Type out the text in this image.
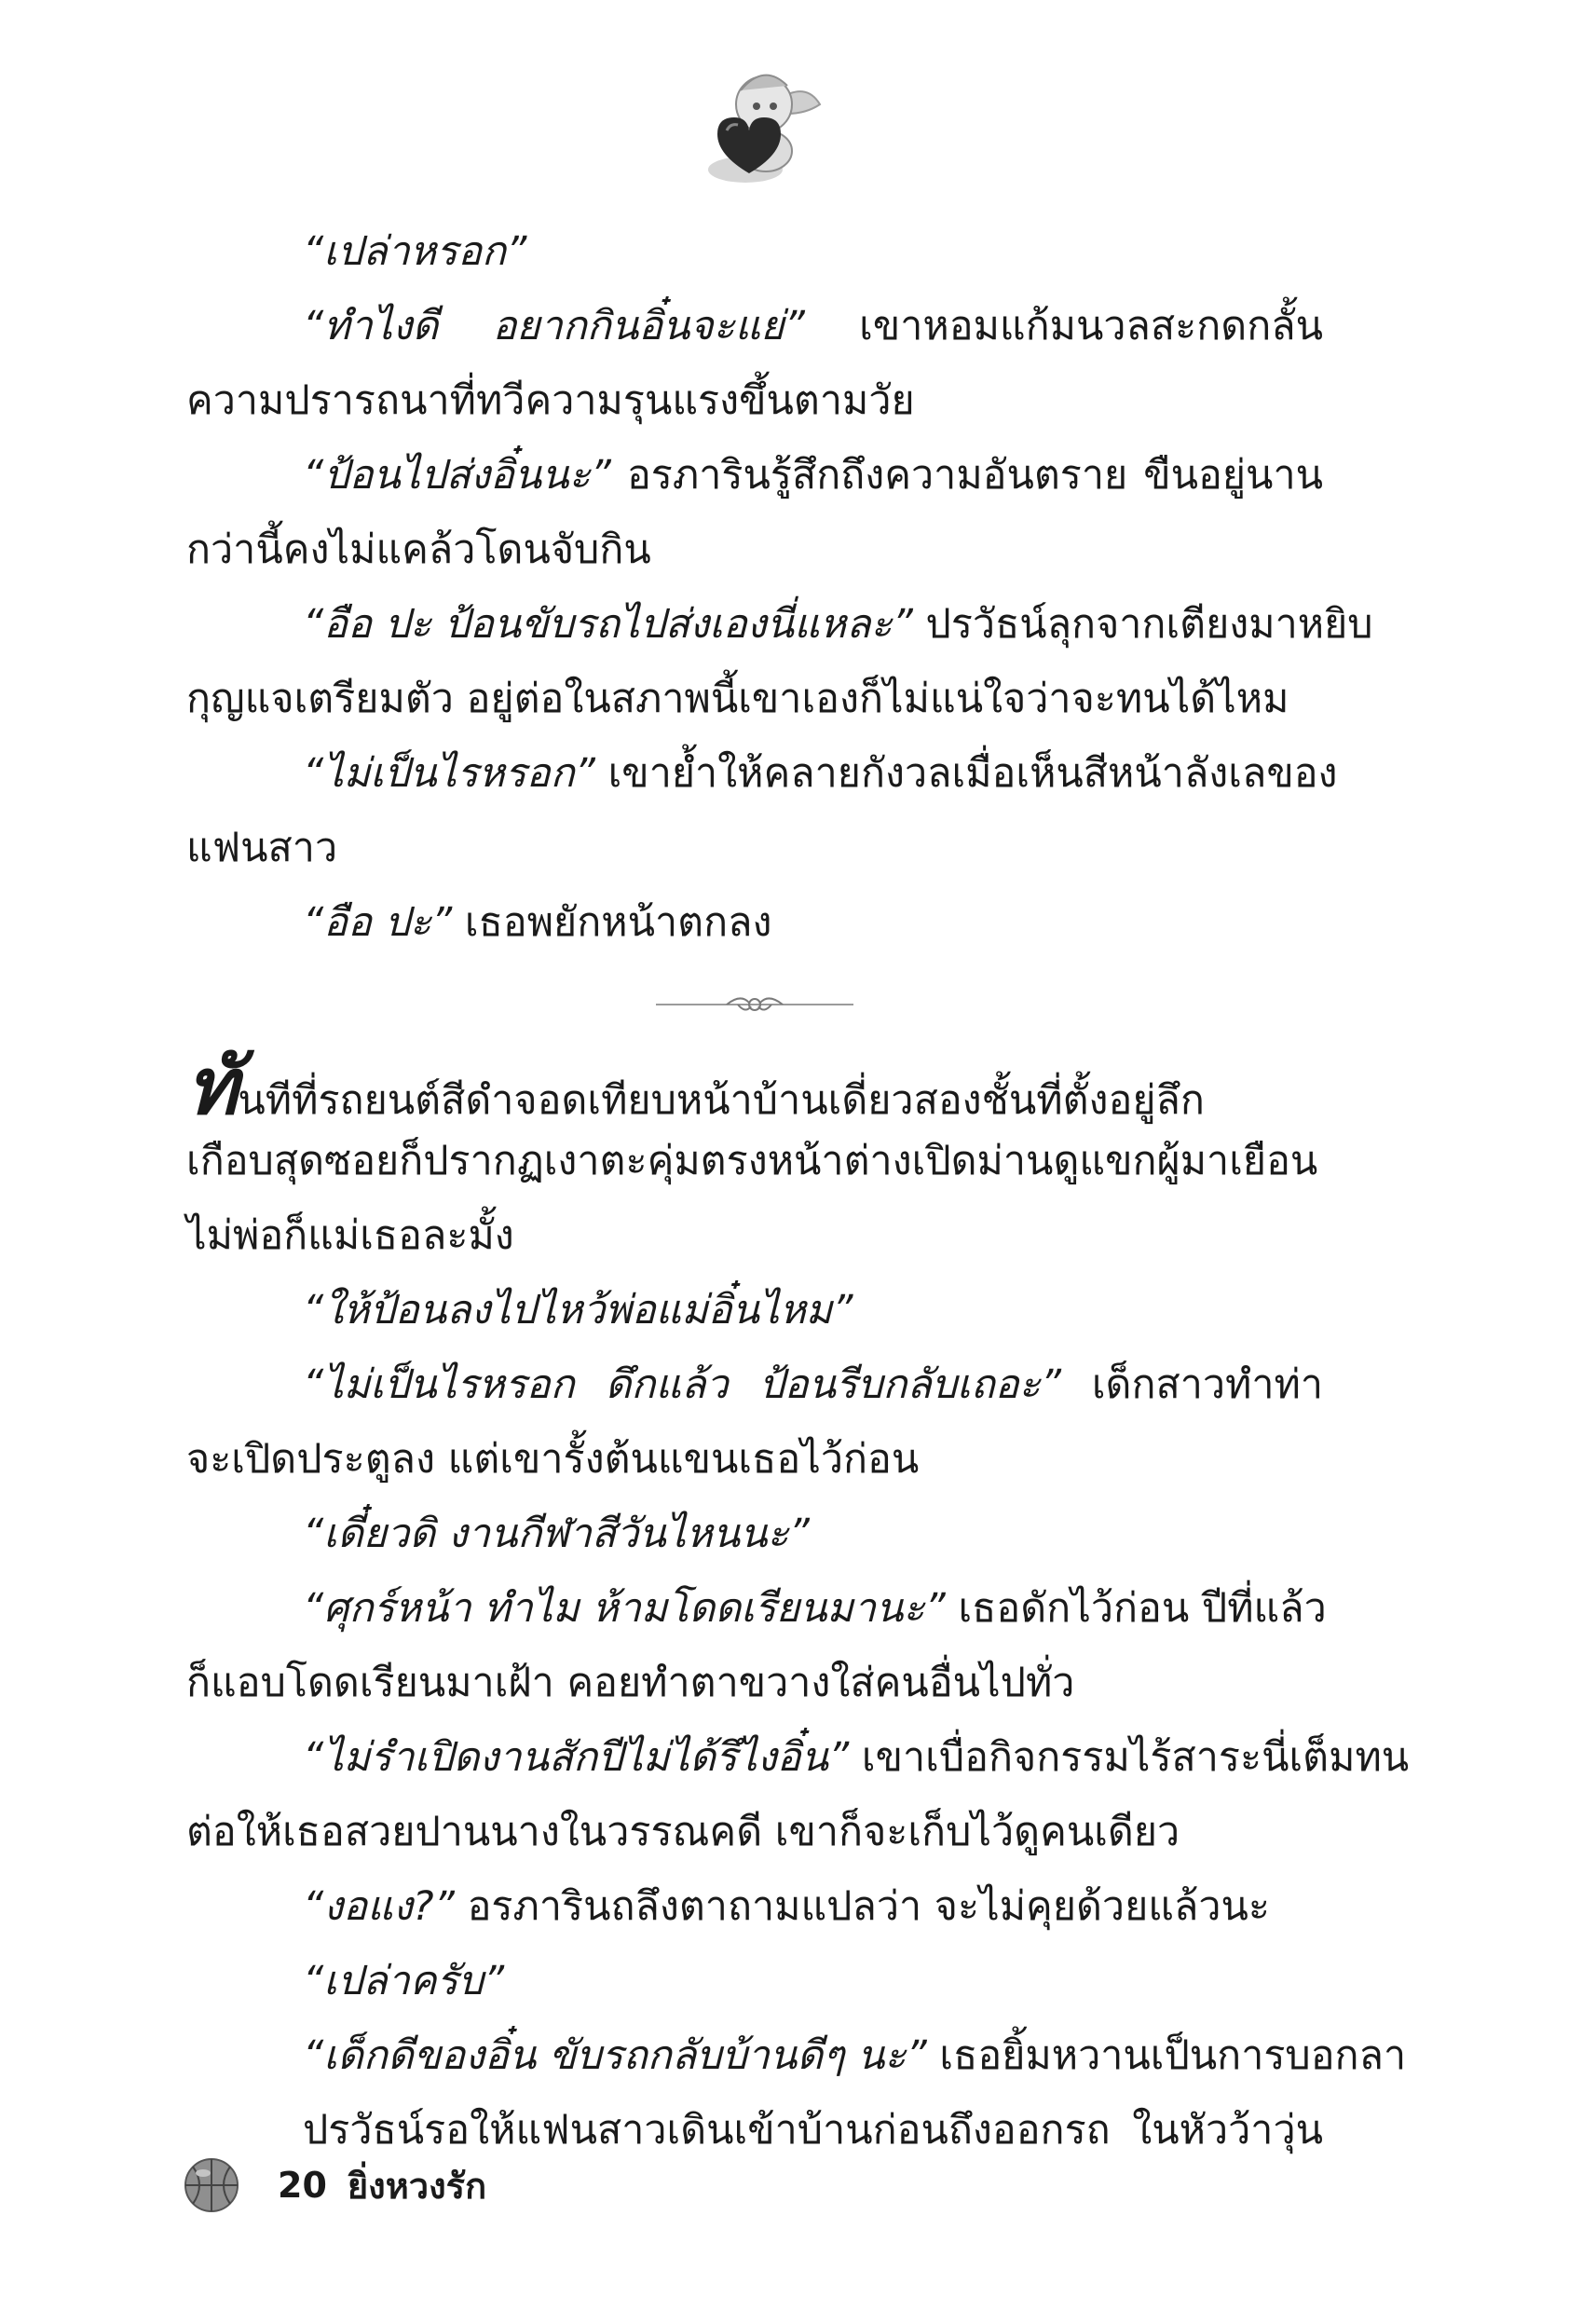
“เปล่าหรอก”
“ทำไงดี อยากกินอิ๋นจะแย่” เขาหอมแก้มนวลสะกดกลั้น
ความปรารถนาที่ทวีความรุนแรงขึ้นตามวัย
“ป้อนไปส่งอิ๋นนะ” อรภารินรู้สึกถึงความอันตราย ขืนอยู่นาน
กว่านี้คงไม่แคล้วโดนจับกิน
“อือ ปะ ป้อนขับรถไปส่งเองนี่แหละ” ปรวัธน์ลุกจากเตียงมาหยิบ
กุญแจเตรียมตัว อยู่ต่อในสภาพนี้เขาเองก็ไม่แน่ใจว่าจะทนได้ไหม
“ไม่เป็นไรหรอก” เขาย้ำให้คลายกังวลเมื่อเห็นสีหน้าลังเลของ
แฟนสาว
“อือ ปะ” เธอพยักหน้าตกลง
ทันทีที่รถยนต์สีดำจอดเทียบหน้าบ้านเดี่ยวสองชั้นที่ตั้งอยู่ลึก
เกือบสุดซอยก็ปรากฏเงาตะคุ่มตรงหน้าต่างเปิดม่านดูแขกผู้มาเยือน
ไม่พ่อก็แม่เธอละมั้ง
“ให้ป้อนลงไปไหว้พ่อแม่อิ๋นไหม”
“ไม่เป็นไรหรอก ดึกแล้ว ป้อนรีบกลับเถอะ” เด็กสาวทำท่า
จะเปิดประตูลง แต่เขารั้งต้นแขนเธอไว้ก่อน
“เดี๋ยวดิ งานกีฬาสีวันไหนนะ”
“ศุกร์หน้า ทำไม ห้ามโดดเรียนมานะ” เธอดักไว้ก่อน ปีที่แล้ว
ก็แอบโดดเรียนมาเฝ้า คอยทำตาขวางใส่คนอื่นไปทั่ว
“ไม่รำเปิดงานสักปีไม่ได้รึไงอิ๋น” เขาเบื่อกิจกรรมไร้สาระนี่เต็มทน
ต่อให้เธอสวยปานนางในวรรณคดี เขาก็จะเก็บไว้ดูคนเดียว
“งอแง?” อรภารินถลึงตาถามแปลว่า จะไม่คุยด้วยแล้วนะ
“เปล่าครับ”
“เด็กดีของอิ๋น ขับรถกลับบ้านดีๆ นะ” เธอยิ้มหวานเป็นการบอกลา
ปรวัธน์รอให้แฟนสาวเดินเข้าบ้านก่อนถึงออกรถ ในหัวว้าวุ่น
20 ยิ่งหวงรัก
